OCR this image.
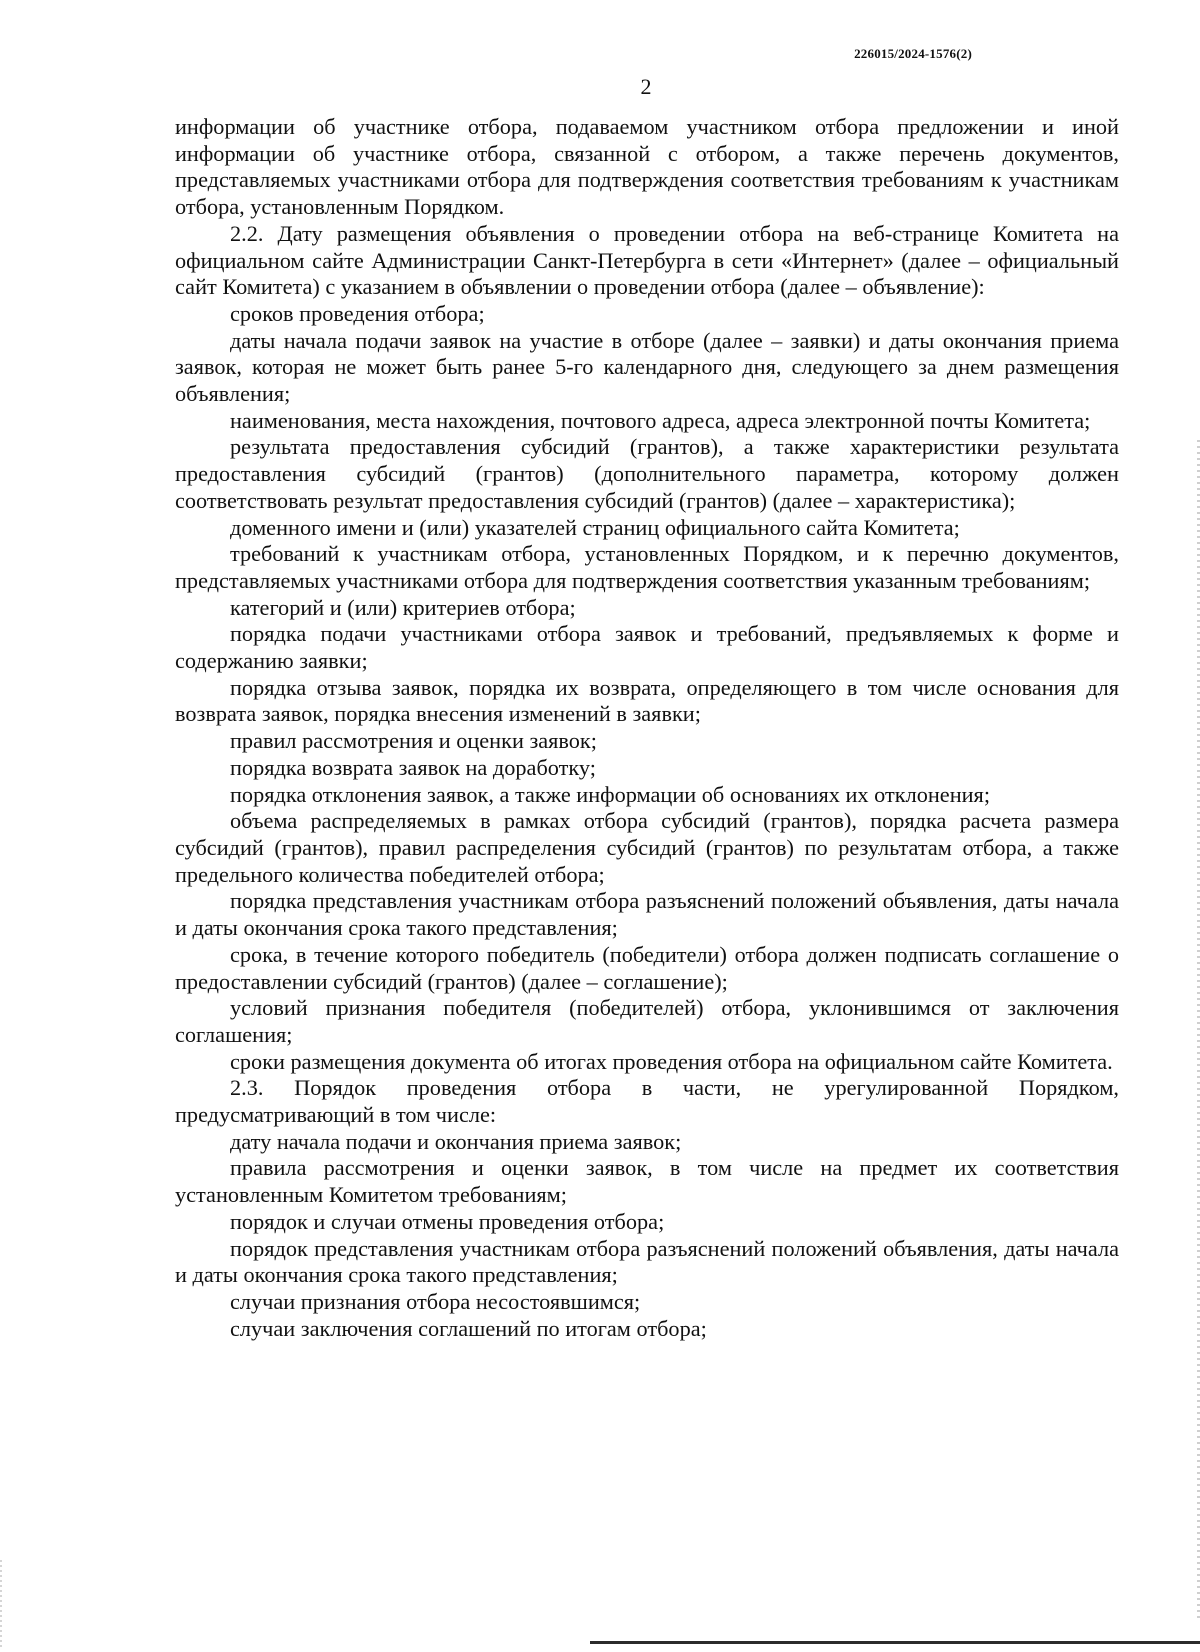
226015/2024-1576(2)
2

информации об участнике отбора, подаваемом участником отбора предложении и иной информации об участнике отбора, связанной с отбором, а также перечень документов, представляемых участниками отбора для подтверждения соответствия требованиям к участникам отбора, установленным Порядком.

2.2. Дату размещения объявления о проведении отбора на веб-странице Комитета на официальном сайте Администрации Санкт-Петербурга в сети «Интернет» (далее – официальный сайт Комитета) с указанием в объявлении о проведении отбора (далее – объявление):

сроков проведения отбора;

даты начала подачи заявок на участие в отборе (далее – заявки) и даты окончания приема заявок, которая не может быть ранее 5-го календарного дня, следующего за днем размещения объявления;

наименования, места нахождения, почтового адреса, адреса электронной почты Комитета;

результата предоставления субсидий (грантов), а также характеристики результата предоставления субсидий (грантов) (дополнительного параметра, которому должен соответствовать результат предоставления субсидий (грантов) (далее – характеристика);

доменного имени и (или) указателей страниц официального сайта Комитета;

требований к участникам отбора, установленных Порядком, и к перечню документов, представляемых участниками отбора для подтверждения соответствия указанным требованиям;

категорий и (или) критериев отбора;

порядка подачи участниками отбора заявок и требований, предъявляемых к форме и содержанию заявки;

порядка отзыва заявок, порядка их возврата, определяющего в том числе основания для возврата заявок, порядка внесения изменений в заявки;

правил рассмотрения и оценки заявок;

порядка возврата заявок на доработку;

порядка отклонения заявок, а также информации об основаниях их отклонения;

объема распределяемых в рамках отбора субсидий (грантов), порядка расчета размера субсидий (грантов), правил распределения субсидий (грантов) по результатам отбора, а также предельного количества победителей отбора;

порядка представления участникам отбора разъяснений положений объявления, даты начала и даты окончания срока такого представления;

срока, в течение которого победитель (победители) отбора должен подписать соглашение о предоставлении субсидий (грантов) (далее – соглашение);

условий признания победителя (победителей) отбора, уклонившимся от заключения соглашения;

сроки размещения документа об итогах проведения отбора на официальном сайте Комитета.

2.3. Порядок проведения отбора в части, не урегулированной Порядком, предусматривающий в том числе:

дату начала подачи и окончания приема заявок;

правила рассмотрения и оценки заявок, в том числе на предмет их соответствия установленным Комитетом требованиям;

порядок и случаи отмены проведения отбора;

порядок представления участникам отбора разъяснений положений объявления, даты начала и даты окончания срока такого представления;

случаи признания отбора несостоявшимся;

случаи заключения соглашений по итогам отбора;
